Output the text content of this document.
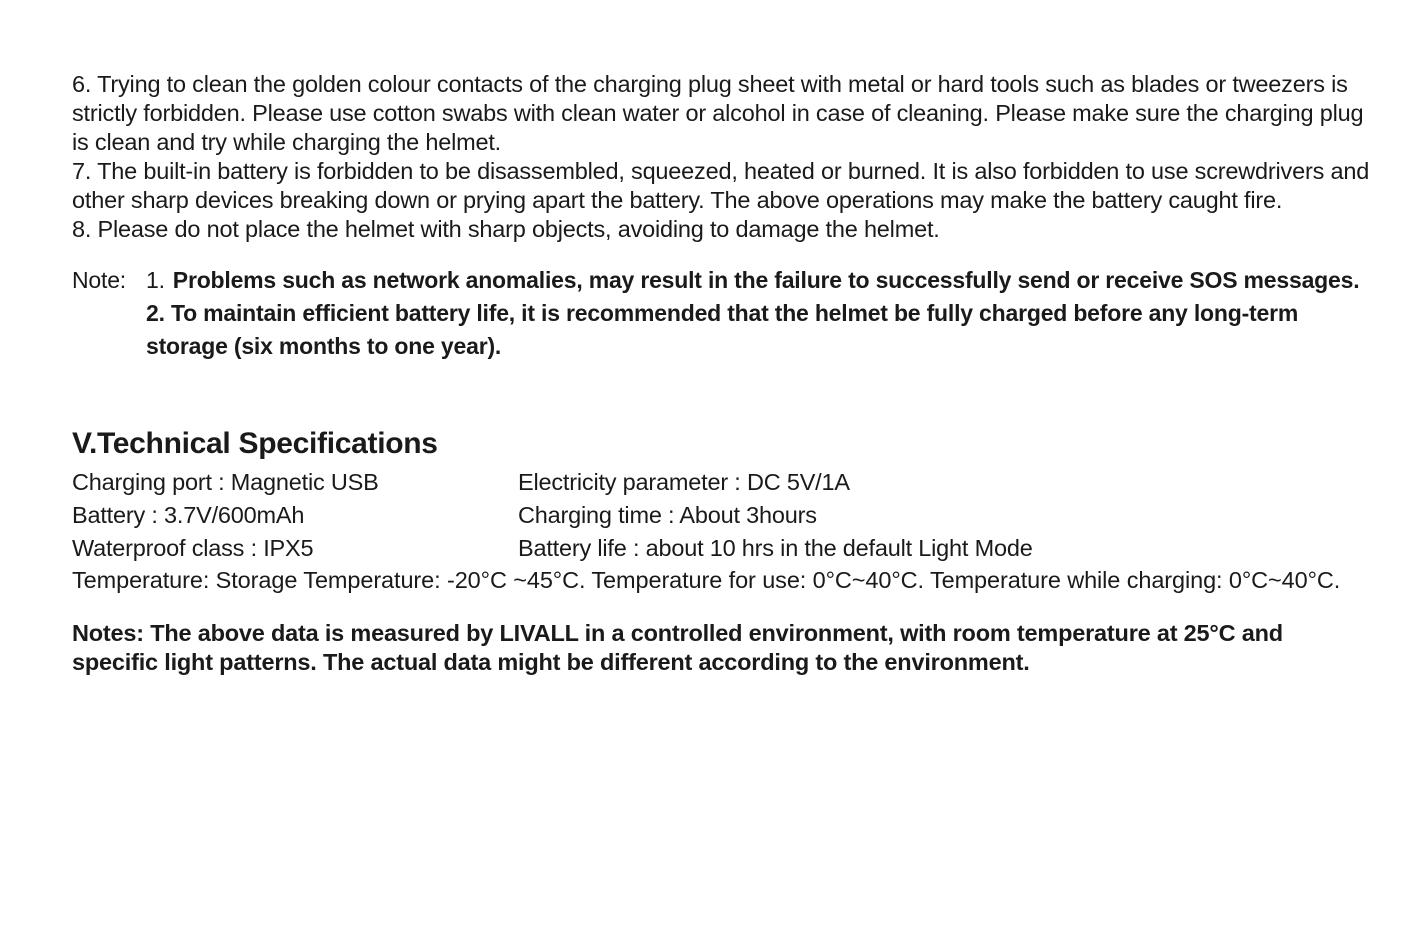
6. Trying to clean the golden colour contacts of the charging plug sheet with metal or hard tools such as blades or tweezers is strictly forbidden. Please use cotton swabs with clean water or alcohol in case of cleaning. Please make sure the charging plug is clean and try while charging the helmet.

7. The built-in battery is forbidden to be disassembled, squeezed, heated or burned. It is also forbidden to use screwdrivers and other sharp devices breaking down or prying apart the battery. The above operations may make the battery caught fire.

8. Please do not place the helmet with sharp objects, avoiding to damage the helmet.

Note: 1. Problems such as network anomalies, may result in the failure to successfully send or receive SOS messages.
2. To maintain efficient battery life, it is recommended that the helmet be fully charged before any long-term storage (six months to one year).
V.Technical Specifications
Charging port : Magnetic USB	Electricity parameter : DC 5V/1A
Battery : 3.7V/600mAh	Charging time : About 3hours
Waterproof class : IPX5	Battery life : about 10 hrs in the default Light Mode

Temperature: Storage Temperature: -20°C ~45°C. Temperature for use: 0°C~40°C. Temperature while charging: 0°C~40°C.

Notes: The above data is measured by LIVALL in a controlled environment, with room temperature at 25°C and specific light patterns. The actual data might be different according to the environment.
